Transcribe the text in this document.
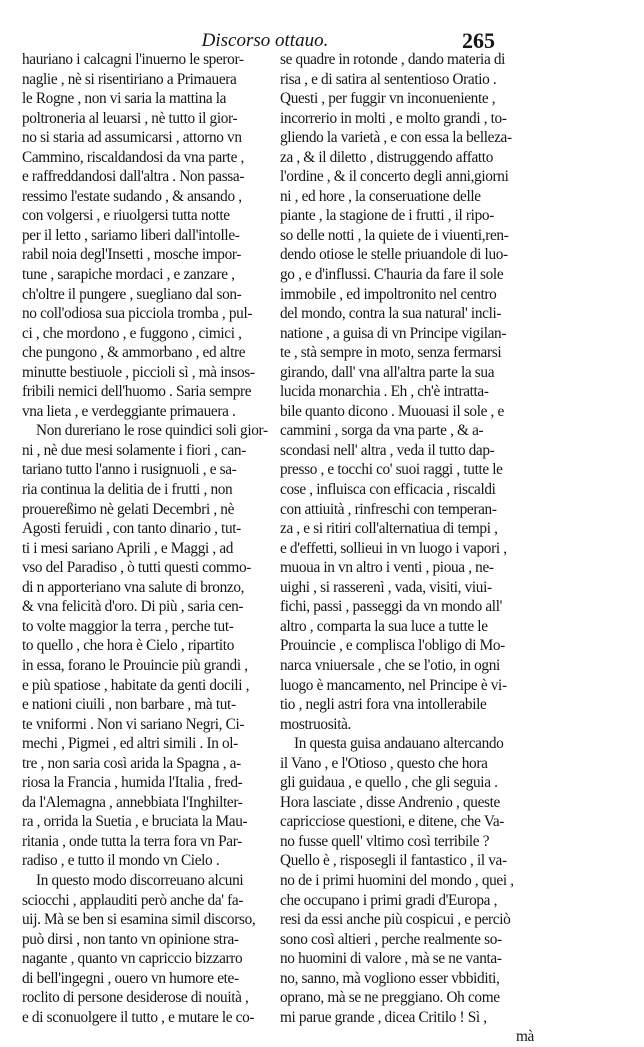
Discorso ottauo.	265
hauriano i calcagni l'inuerno le speror-
naglie , nè si risentiriano a Primauera
le Rogne , non vi saria la mattina la
poltroneria al leuarsi , nè tutto il gior-
no si staria ad assumicarsi , attorno vn
Cammino, riscaldandosi da vna parte ,
e raffreddandosi dall'altra . Non passa-
ressimo l'estate sudando , & ansando ,
con volgersi , e riuolgersi tutta notte
per il letto , sariamo liberi dall'intolle-
rabil noia degl'Insetti , mosche impor-
tune , sarapiche mordaci , e zanzare ,
ch'oltre il pungere , suegliano dal son-
no coll'odiosa sua picciola tromba , pul-
ci , che mordono , e fuggono , cimici ,
che pungono , & ammorbano , ed altre
minutte bestiuole , piccioli sì , mà insos-
fribili nemici dell'huomo . Saria sempre
vna lieta , e verdeggiante primauera .
Non dureriano le rose quindici soli gior-
ni , nè due mesi solamente i fiori , can-
tariano tutto l'anno i rusignuoli , e sa-
ria continua la delitia de i frutti , non
prouereßimo nè gelati Decembri , nè
Agosti feruidi , con tanto dinario , tut-
ti i mesi sariano Aprili , e Maggi , ad
vso del Paradiso , ò tutti questi commo-
di n apporteriano vna salute di bronzo,
& vna felicità d'oro. Di più , saria cen-
to volte maggior la terra , perche tut-
to quello , che hora è Cielo , ripartito
in essa, forano le Prouincie più grandi ,
e più spatiose , habitate da genti docili ,
e nationi ciuili , non barbare , mà tut-
te vniformi . Non vi sariano Negri, Ci-
mechi , Pigmei , ed altri simili . In ol-
tre , non saria così arida la Spagna , a-
riosa la Francia , humida l'Italia , fred-
da l'Alemagna , annebbiata l'Inghilter-
ra , orrida la Suetia , e bruciata la Mau-
ritania , onde tutta la terra fora vn Par-
radiso , e tutto il mondo vn Cielo .
In questo modo discorreuano alcuni
sciocchi , applauditi però anche da' fa-
uij. Mà se ben si esamina simil discorso,
può dirsi , non tanto vn opinione stra-
nagante , quanto vn capriccio bizzarro
di bell'ingegni , ouero vn humore ete-
roclito di persone desiderose di nouità ,
e di sconuolgere il tutto , e mutare le co-
se quadre in rotonde , dando materia di
risa , e di satira al sententioso Oratio .
Questi , per fuggir vn inconueniente ,
incorrerio in molti , e molto grandi , to-
gliendo la varietà , e con essa la belleza-
za , & il diletto , distruggendo affatto
l'ordine , & il concerto degli anni,giorni
ni , ed hore , la conseruatione delle
piante , la stagione de i frutti , il ripo-
so delle notti , la quiete de i viuenti,ren-
dendo otiose le stelle priuandole di luo-
go , e d'influssi. C'hauria da fare il sole
immobile , ed impoltronito nel centro
del mondo, contra la sua natural' incli-
natione , a guisa di vn Principe vigilan-
te , stà sempre in moto, senza fermarsi
girando, dall' vna all'altra parte la sua
lucida monarchia . Eh , ch'è intratta-
bile quanto dicono . Muouasi il sole , e
cammini , sorga da vna parte , & a-
scondasi nell' altra , veda il tutto dap-
presso , e tocchi co' suoi raggi , tutte le
cose , influisca con efficacia , riscaldi
con attiuità , rinfreschi con temperan-
za , e si ritiri coll'alternatiua di tempi ,
e d'effetti, sollieui in vn luogo i vapori ,
muoua in vn altro i venti , pioua , ne-
uighi , si rasserenì , vada, visiti, viui-
fichi, passi , passeggi da vn mondo all'
altro , comparta la sua luce a tutte le
Prouincie , e complisca l'obligo di Mo-
narca vniuersale , che se l'otio, in ogni
luogo è mancamento, nel Principe è vi-
tio , negli astri fora vna intollerabile
mostruosità.
In questa guisa andauano altercando
il Vano , e l'Otioso , questo che hora
gli guidaua , e quello , che gli seguia .
Hora lasciate , disse Andrenio , queste
capricciose questioni, e ditene, che Va-
no fusse quell' vltimo così terribile ?
Quello è , risposegli il fantastico , il va-
no de i primi huomini del mondo , quei ,
che occupano i primi gradi d'Europa ,
resi da essi anche più cospicui , e perciò
sono così altieri , perche realmente so-
no huomini di valore , mà se ne vanta-
no, sanno, mà vogliono esser vbbiditi,
oprano, mà se ne preggiano. Oh come
mi parue grande , dicea Critilo ! Sì ,
mà
